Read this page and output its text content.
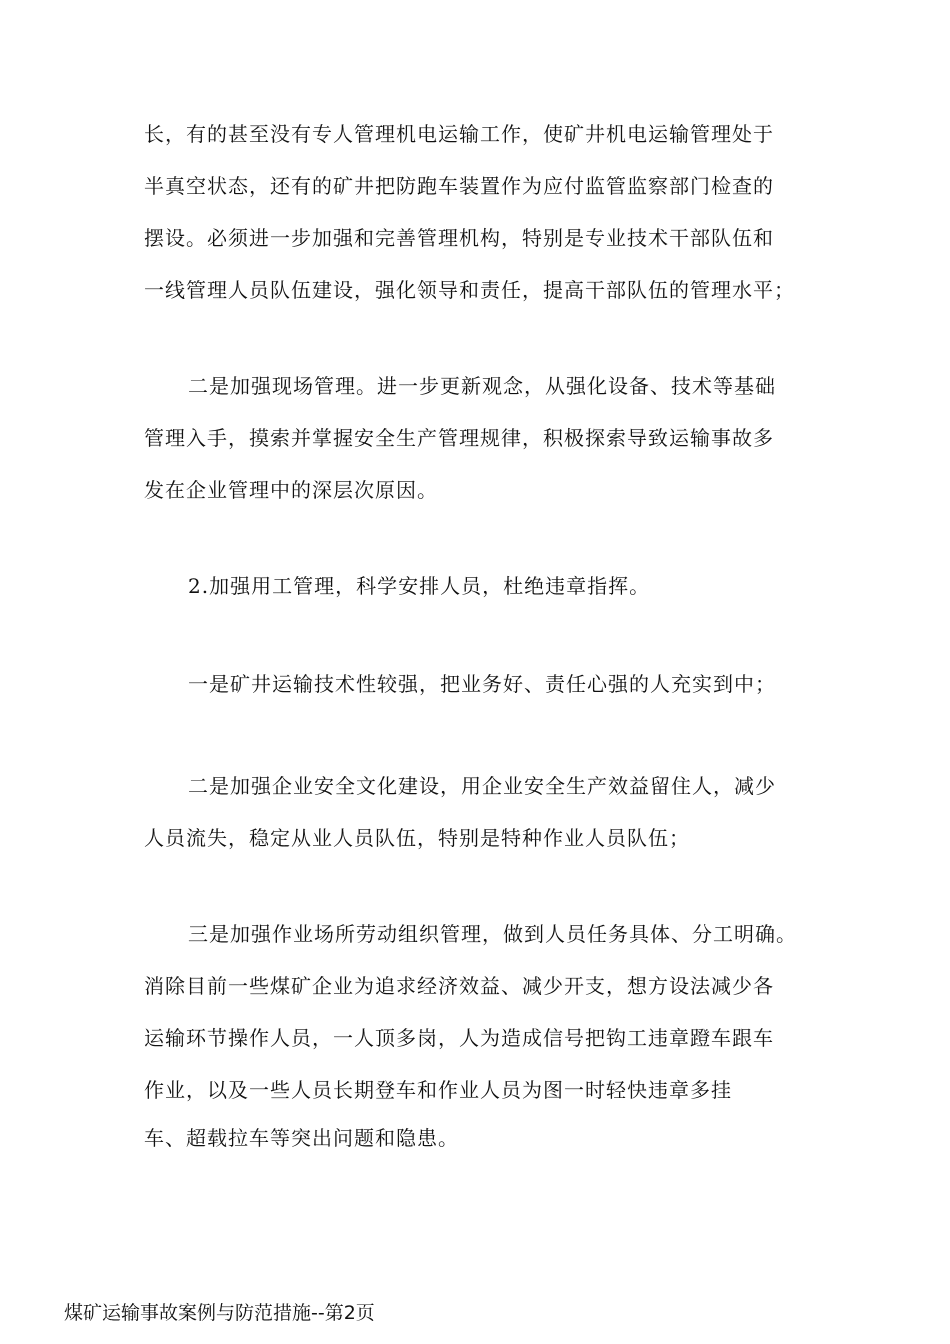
长，有的甚至没有专人管理机电运输工作，使矿井机电运输管理处于
半真空状态，还有的矿井把防跑车装置作为应付监管监察部门检查的
摆设。必须进一步加强和完善管理机构，特别是专业技术干部队伍和
一线管理人员队伍建设，强化领导和责任，提高干部队伍的管理水平；
二是加强现场管理。进一步更新观念，从强化设备、技术等基础
管理入手，摸索并掌握安全生产管理规律，积极探索导致运输事故多
发在企业管理中的深层次原因。
2.加强用工管理，科学安排人员，杜绝违章指挥。
一是矿井运输技术性较强，把业务好、责任心强的人充实到中；
二是加强企业安全文化建设，用企业安全生产效益留住人，减少
人员流失，稳定从业人员队伍，特别是特种作业人员队伍；
三是加强作业场所劳动组织管理，做到人员任务具体、分工明确。
消除目前一些煤矿企业为追求经济效益、减少开支，想方设法减少各
运输环节操作人员，一人顶多岗，人为造成信号把钩工违章蹬车跟车
作业，以及一些人员长期登车和作业人员为图一时轻快违章多挂
车、超载拉车等突出问题和隐患。
煤矿运输事故案例与防范措施--第2页
